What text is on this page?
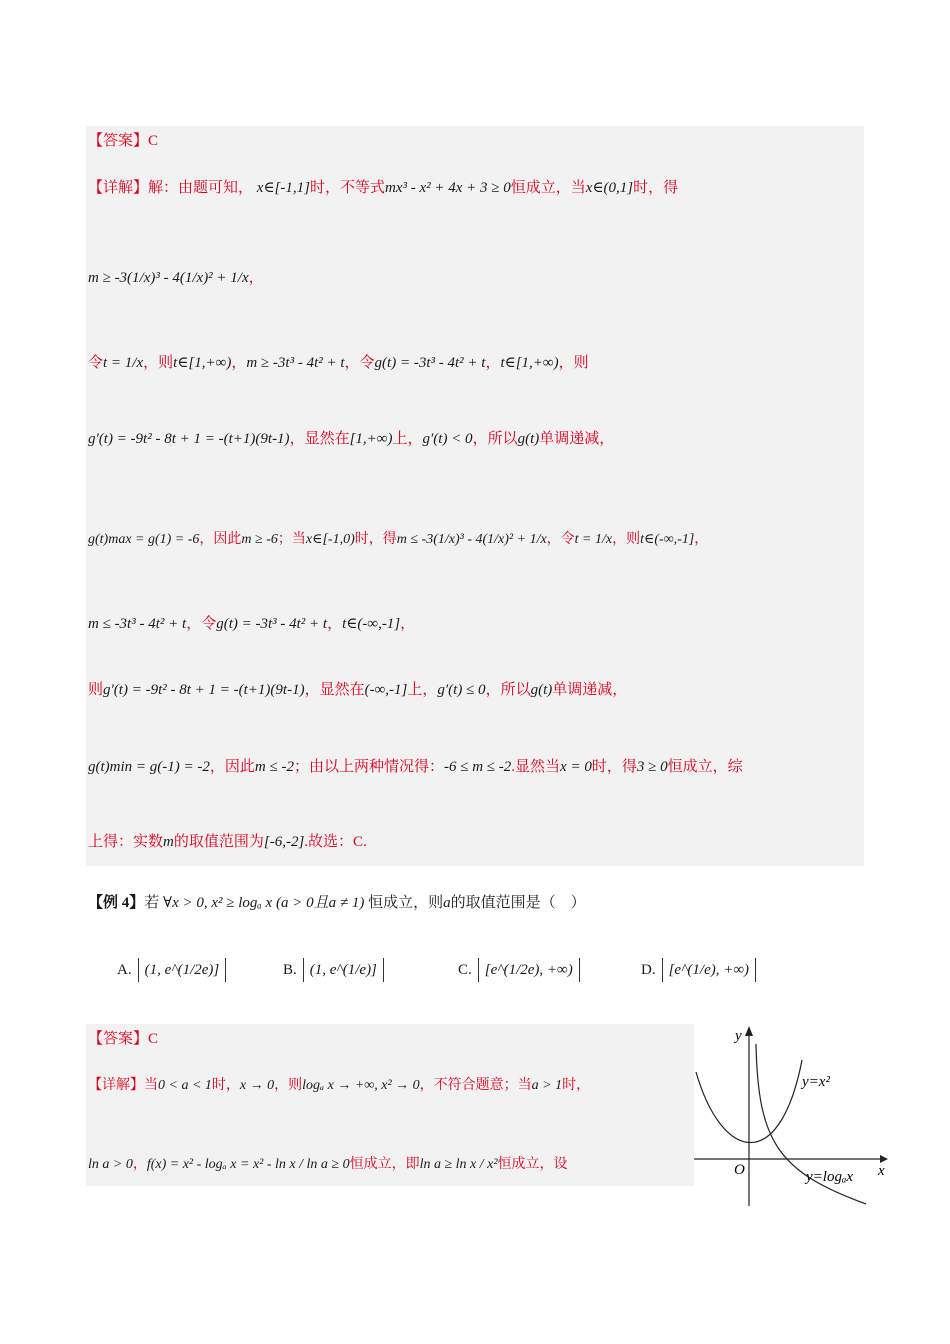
【答案】C
【详解】解：由题可知， x∈[-1,1]时，不等式mx³ - x² + 4x + 3 ≥ 0恒成立，当x∈(0,1]时，得
m ≥ -3(1/x)³ - 4(1/x)² + 1/x，
令t = 1/x，则t∈[1,+∞)，m ≥ -3t³ - 4t² + t，令g(t) = -3t³ - 4t² + t，t∈[1,+∞)，则
g′(t) = -9t² - 8t + 1 = -(t+1)(9t-1)，显然在[1,+∞)上，g′(t) < 0，所以g(t)单调递减，
g(t)max = g(1) = -6，因此m ≥ -6；当x∈[-1,0)时，得m ≤ -3(1/x)³ - 4(1/x)² + 1/x，令t = 1/x，则t∈(-∞,-1]，
m ≤ -3t³ - 4t² + t，令g(t) = -3t³ - 4t² + t，t∈(-∞,-1]，
则g′(t) = -9t² - 8t + 1 = -(t+1)(9t-1)，显然在(-∞,-1]上，g′(t) ≤ 0，所以g(t)单调递减，
g(t)min = g(-1) = -2，因此m ≤ -2；由以上两种情况得：-6 ≤ m ≤ -2.显然当x = 0时，得3 ≥ 0恒成立，综
上得：实数m的取值范围为[-6,-2].故选：C.
【例 4】若 ∀x > 0, x² ≥ logₐ x (a > 0且a ≠ 1) 恒成立，则a的取值范围是（　）
A. (1, e^(1/2e)]	B. (1, e^(1/e)]	C. [e^(1/2e), +∞)	D. [e^(1/e), +∞)
【答案】C
【详解】当0 < a < 1时，x → 0，则logₐ x → +∞, x² → 0，不符合题意；当a > 1时，
ln a > 0，f(x) = x² - logₐ x = x² - ln x / ln a ≥ 0恒成立，即ln a ≥ ln x / x²恒成立，设
y
x
O
y=x²
y=logₐx
